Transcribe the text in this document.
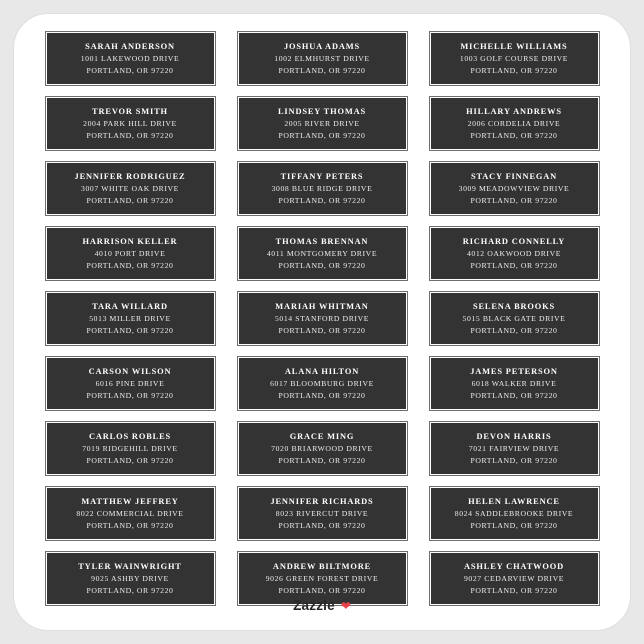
SARAH ANDERSON
1001 LAKEWOOD DRIVE
PORTLAND, OR 97220
JOSHUA ADAMS
1002 ELMHURST DRIVE
PORTLAND, OR 97220
MICHELLE WILLIAMS
1003 GOLF COURSE DRIVE
PORTLAND, OR 97220
TREVOR SMITH
2004 PARK HILL DRIVE
PORTLAND, OR 97220
LINDSEY THOMAS
2005 RIVER DRIVE
PORTLAND, OR 97220
HILLARY ANDREWS
2006 CORDELIA DRIVE
PORTLAND, OR 97220
JENNIFER RODRIGUEZ
3007 WHITE OAK DRIVE
PORTLAND, OR 97220
TIFFANY PETERS
3008 BLUE RIDGE DRIVE
PORTLAND, OR 97220
STACY FINNEGAN
3009 MEADOWVIEW DRIVE
PORTLAND, OR 97220
HARRISON KELLER
4010 PORT DRIVE
PORTLAND, OR 97220
THOMAS BRENNAN
4011 MONTGOMERY DRIVE
PORTLAND, OR 97220
RICHARD CONNELLY
4012 OAKWOOD DRIVE
PORTLAND, OR 97220
TARA WILLARD
5013 MILLER DRIVE
PORTLAND, OR 97220
MARIAH WHITMAN
5014 STANFORD DRIVE
PORTLAND, OR 97220
SELENA BROOKS
5015 BLACK GATE DRIVE
PORTLAND, OR 97220
CARSON WILSON
6016 PINE DRIVE
PORTLAND, OR 97220
ALANA HILTON
6017 BLOOMBURG DRIVE
PORTLAND, OR 97220
JAMES PETERSON
6018 WALKER DRIVE
PORTLAND, OR 97220
CARLOS ROBLES
7019 RIDGEHILL DRIVE
PORTLAND, OR 97220
GRACE MING
7020 BRIARWOOD DRIVE
PORTLAND, OR 97220
DEVON HARRIS
7021 FAIRVIEW DRIVE
PORTLAND, OR 97220
MATTHEW JEFFREY
8022 COMMERCIAL DRIVE
PORTLAND, OR 97220
JENNIFER RICHARDS
8023 RIVERCUT DRIVE
PORTLAND, OR 97220
HELEN LAWRENCE
8024 SADDLEBROOKE DRIVE
PORTLAND, OR 97220
TYLER WAINWRIGHT
9025 ASHBY DRIVE
PORTLAND, OR 97220
ANDREW BILTMORE
9026 GREEN FOREST DRIVE
PORTLAND, OR 97220
ASHLEY CHATWOOD
9027 CEDARVIEW DRIVE
PORTLAND, OR 97220
Zazzle ❤
